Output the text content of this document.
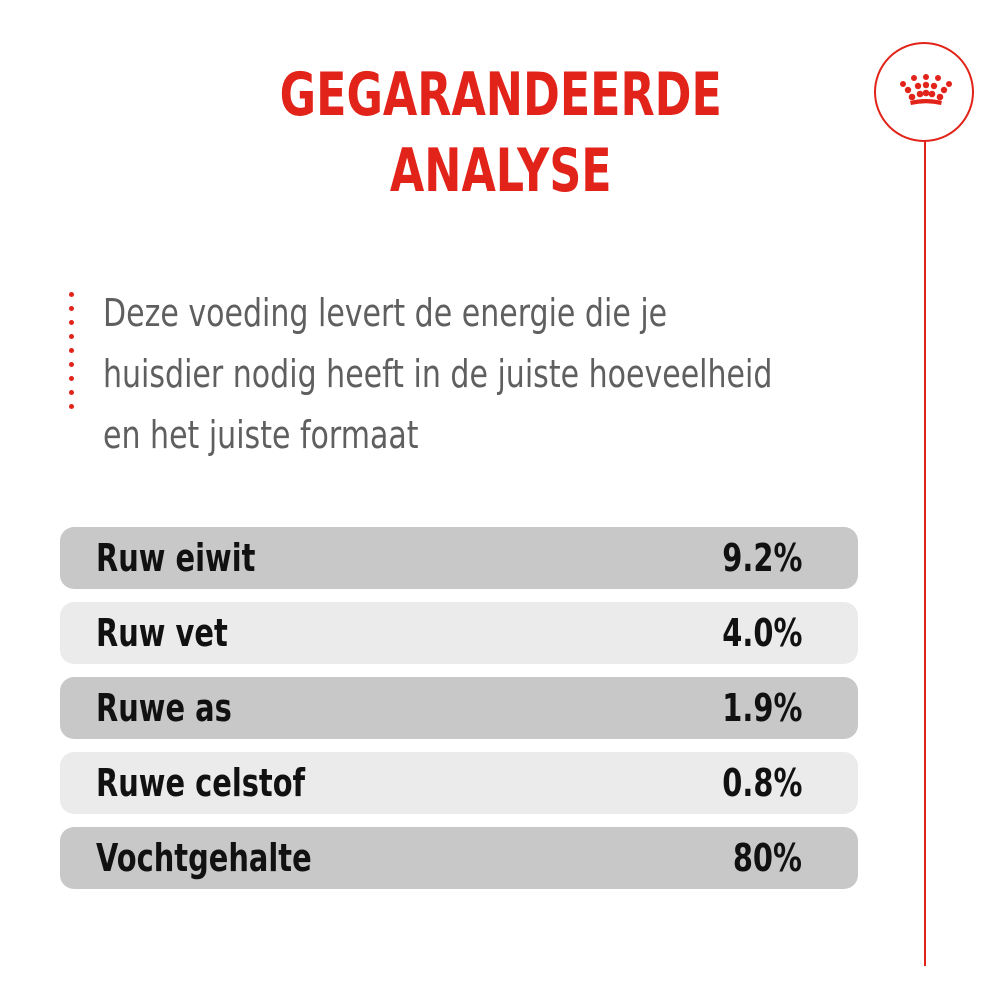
GEGARANDEERDE
ANALYSE
Deze voeding levert de energie die je
huisdier nodig heeft in de juiste hoeveelheid
en het juiste formaat
Ruw eiwit	9.2%
Ruw vet	4.0%
Ruwe as	1.9%
Ruwe celstof	0.8%
Vochtgehalte	80%
